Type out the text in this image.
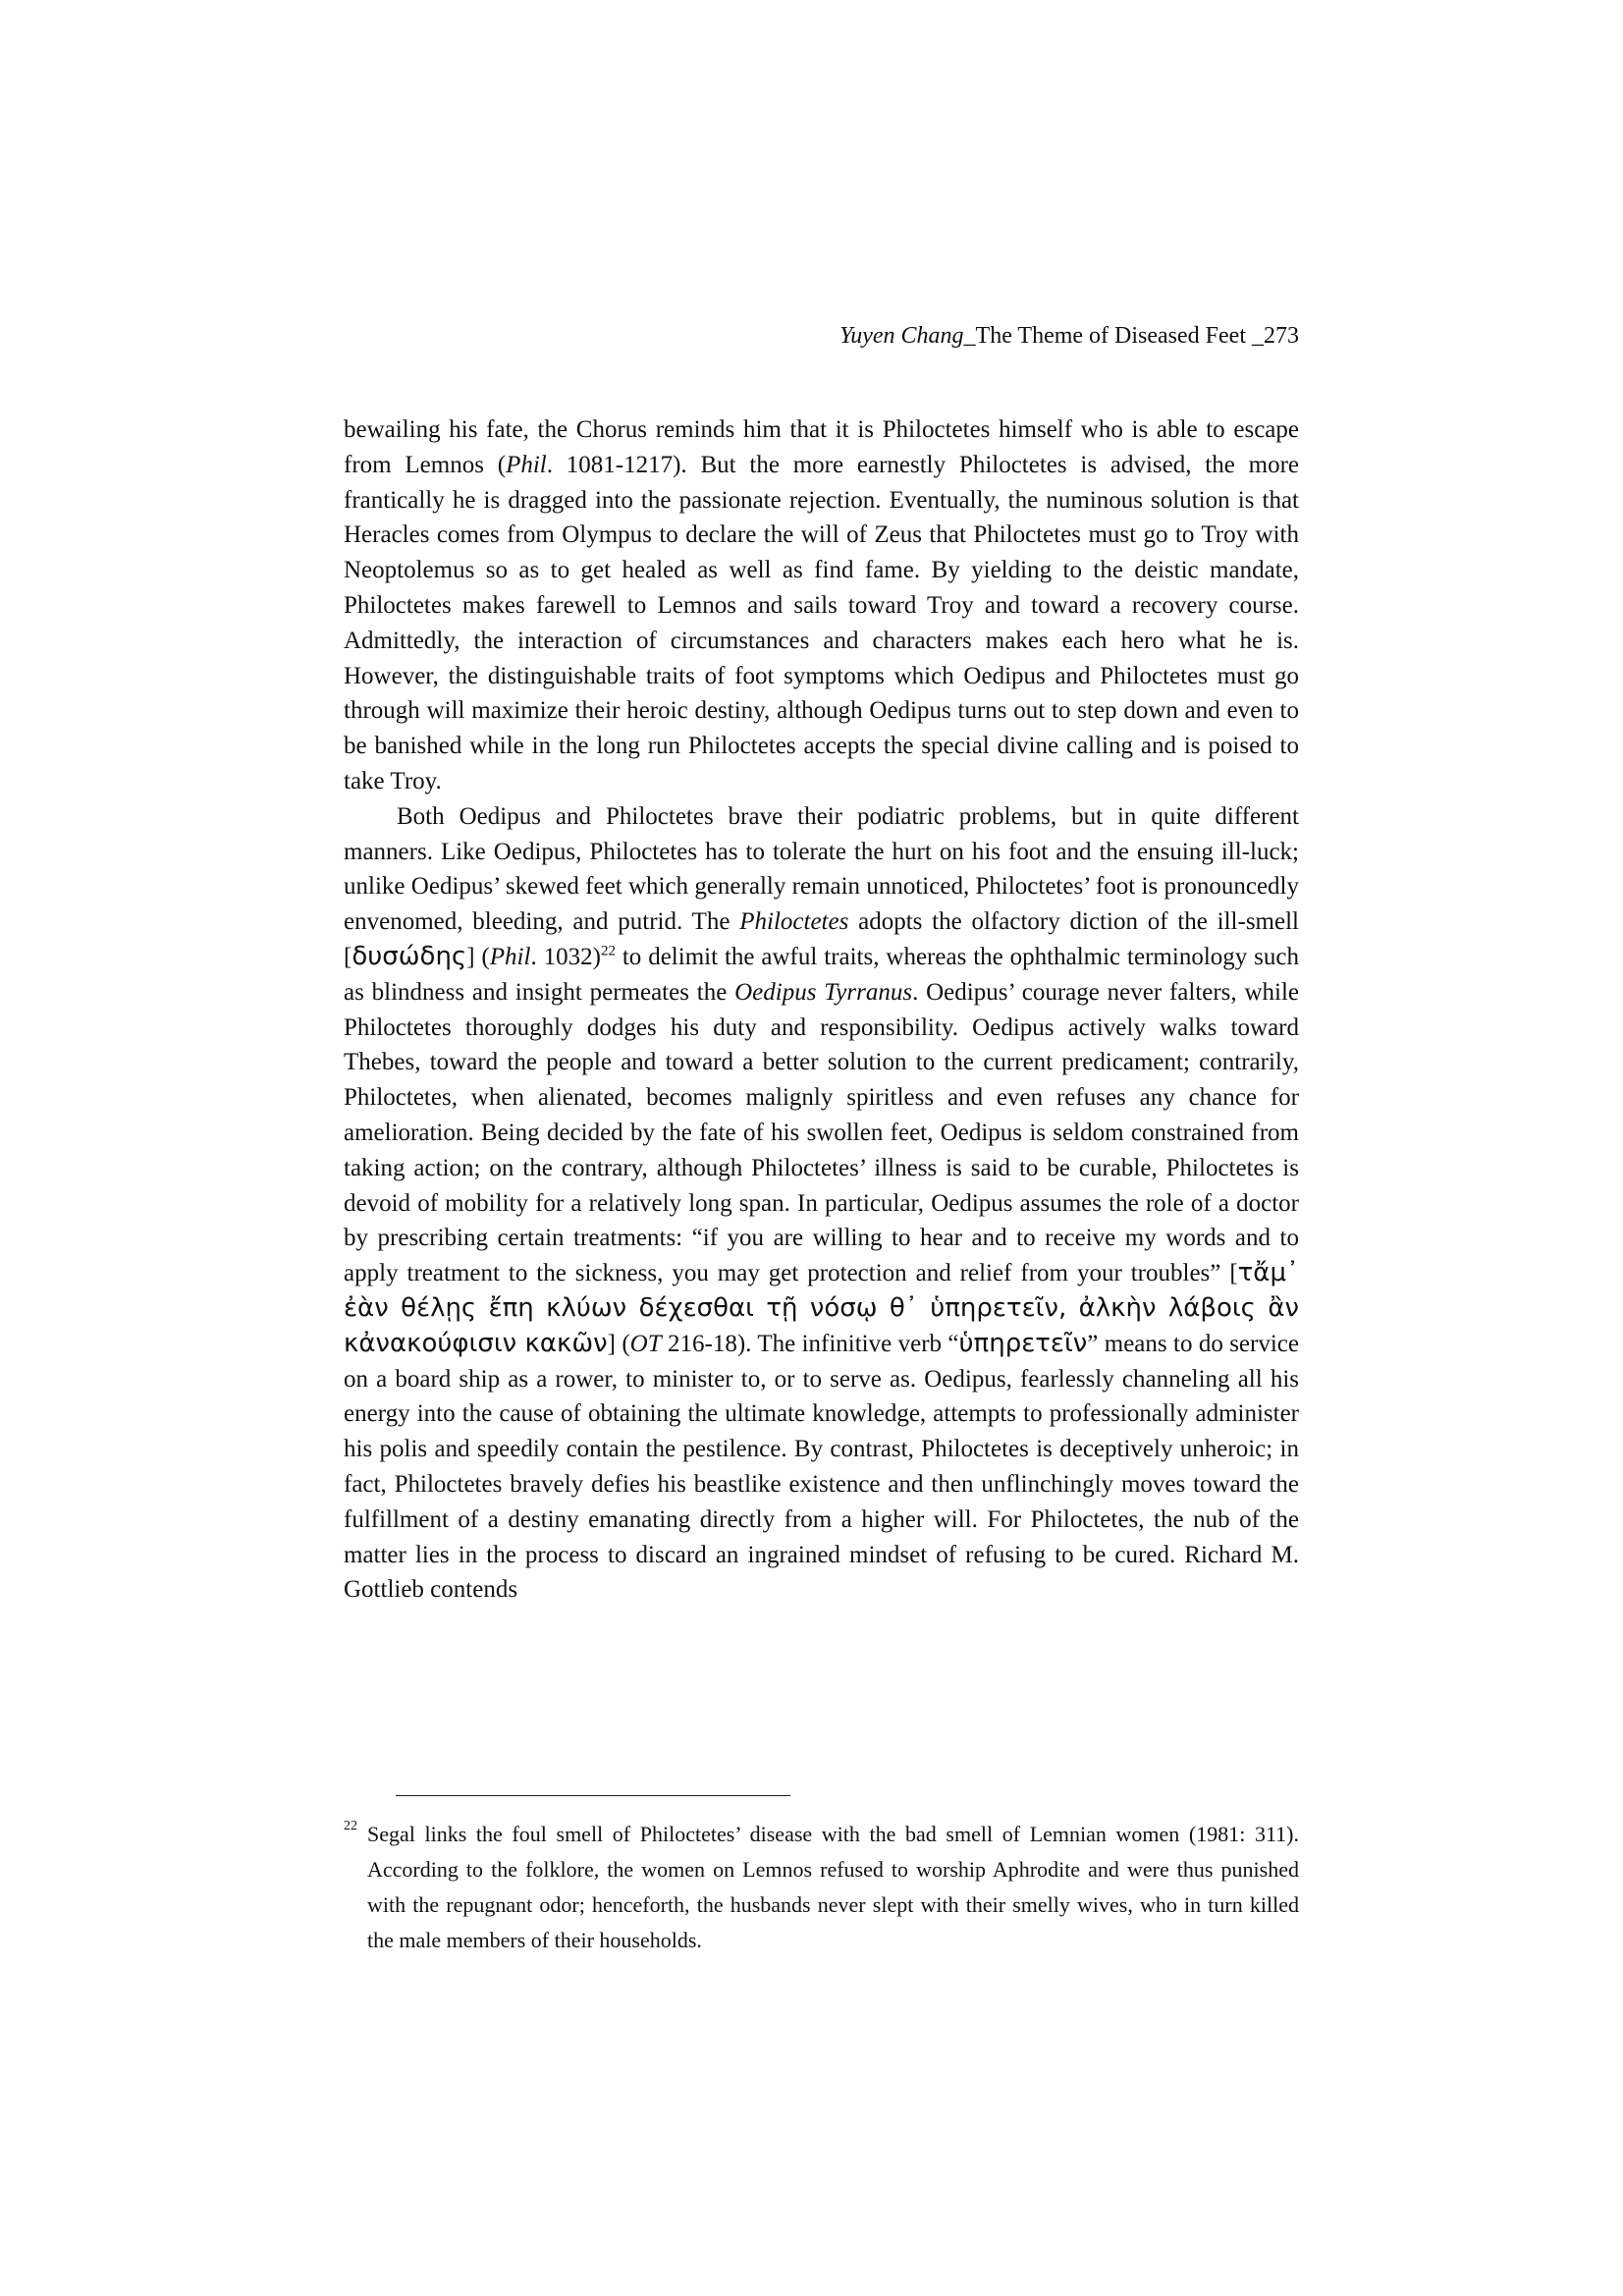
Yuyen Chang_The Theme of Diseased Feet _273

bewailing his fate, the Chorus reminds him that it is Philoctetes himself who is able to escape from Lemnos (Phil. 1081-1217). But the more earnestly Philoctetes is advised, the more frantically he is dragged into the passionate rejection. Eventually, the numinous solution is that Heracles comes from Olympus to declare the will of Zeus that Philoctetes must go to Troy with Neoptolemus so as to get healed as well as find fame. By yielding to the deistic mandate, Philoctetes makes farewell to Lemnos and sails toward Troy and toward a recovery course. Admittedly, the interaction of circumstances and characters makes each hero what he is. However, the distinguishable traits of foot symptoms which Oedipus and Philoctetes must go through will maximize their heroic destiny, although Oedipus turns out to step down and even to be banished while in the long run Philoctetes accepts the special divine calling and is poised to take Troy.

Both Oedipus and Philoctetes brave their podiatric problems, but in quite different manners. Like Oedipus, Philoctetes has to tolerate the hurt on his foot and the ensuing ill-luck; unlike Oedipus’ skewed feet which generally remain unnoticed, Philoctetes’ foot is pronouncedly envenomed, bleeding, and putrid. The Philoctetes adopts the olfactory diction of the ill-smell [δυσώδης] (Phil. 1032)$^{22}$ to delimit the awful traits, whereas the ophthalmic terminology such as blindness and insight permeates the Oedipus Tyrranus. Oedipus’ courage never falters, while Philoctetes thoroughly dodges his duty and responsibility. Oedipus actively walks toward Thebes, toward the people and toward a better solution to the current predicament; contrarily, Philoctetes, when alienated, becomes malignly spiritless and even refuses any chance for amelioration. Being decided by the fate of his swollen feet, Oedipus is seldom constrained from taking action; on the contrary, although Philoctetes’ illness is said to be curable, Philoctetes is devoid of mobility for a relatively long span. In particular, Oedipus assumes the role of a doctor by prescribing certain treatments: “if you are willing to hear and to receive my words and to apply treatment to the sickness, you may get protection and relief from your troubles” [τἄμ᾽ ἐὰν θέλῃς ἔπη κλύων δέχεσθαι τῇ νόσῳ θ᾽ ὑπηρετεῖν, ἀλκὴν λάβοις ἂν κἀνακούφισιν κακῶν] (OT 216-18). The infinitive verb “ὑπηρετεῖν” means to do service on a board ship as a rower, to minister to, or to serve as. Oedipus, fearlessly channeling all his energy into the cause of obtaining the ultimate knowledge, attempts to professionally administer his polis and speedily contain the pestilence. By contrast, Philoctetes is deceptively unheroic; in fact, Philoctetes bravely defies his beastlike existence and then unflinchingly moves toward the fulfillment of a destiny emanating directly from a higher will. For Philoctetes, the nub of the matter lies in the process to discard an ingrained mindset of refusing to be cured. Richard M. Gottlieb contends

22 Segal links the foul smell of Philoctetes’ disease with the bad smell of Lemnian women (1981: 311). According to the folklore, the women on Lemnos refused to worship Aphrodite and were thus punished with the repugnant odor; henceforth, the husbands never slept with their smelly wives, who in turn killed the male members of their households.
